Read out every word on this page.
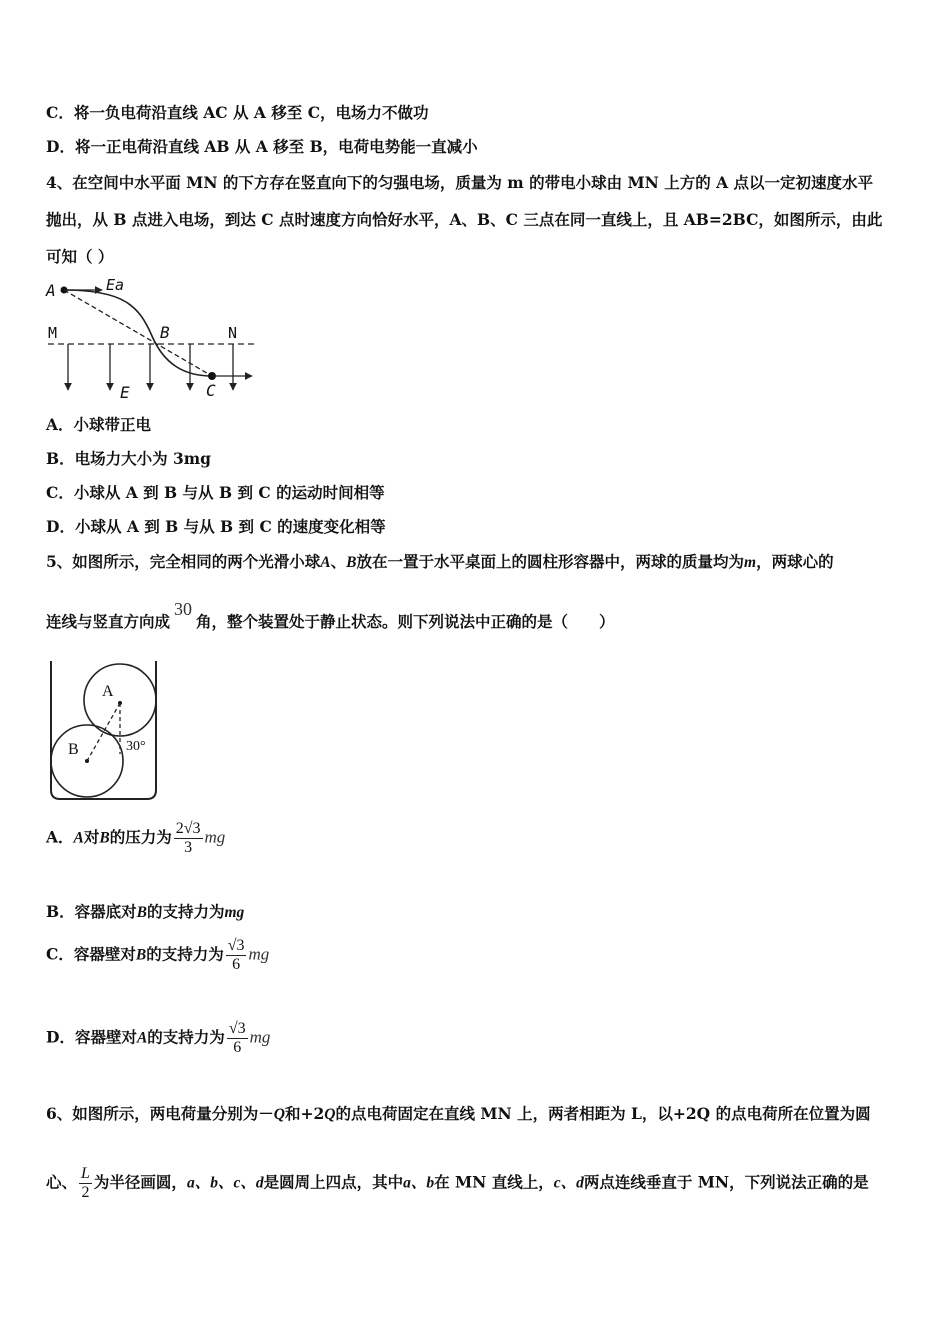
C．将一负电荷沿直线 AC 从 A 移至 C，电场力不做功
D．将一正电荷沿直线 AB 从 A 移至 B，电荷电势能一直减小
4、在空间中水平面 MN 的下方存在竖直向下的匀强电场，质量为 m 的带电小球由 MN 上方的 A 点以一定初速度水平
抛出，从 B 点进入电场，到达 C 点时速度方向恰好水平，A、B、C 三点在同一直线上，且 AB=2BC，如图所示，由此
可知（ ）
A	Ea
M	B	N
E	C
A．小球带正电
B．电场力大小为 3mg
C．小球从 A 到 B 与从 B 到 C 的运动时间相等
D．小球从 A 到 B 与从 B 到 C 的速度变化相等
5、如图所示，完全相同的两个光滑小球A、B放在一置于水平桌面上的圆柱形容器中，两球的质量均为m，两球心的
连线与竖直方向成30角，整个装置处于静止状态。则下列说法中正确的是（　　）
A
B	30°
A．A对B的压力为 $\frac{2√3}{3}$ mg
B．容器底对B的支持力为mg
C．容器壁对B的支持力为 $\frac{√3}{6}$ mg
D．容器壁对A的支持力为 $\frac{√3}{6}$ mg
6、如图所示，两电荷量分别为－Q和+2Q的点电荷固定在直线 MN 上，两者相距为 L，以+2Q 的点电荷所在位置为圆
心、 $\frac{L}{2}$ 为半径画圆，a、b、c、d是圆周上四点，其中a、b在 MN 直线上，c、d两点连线垂直于 MN，下列说法正确的是
